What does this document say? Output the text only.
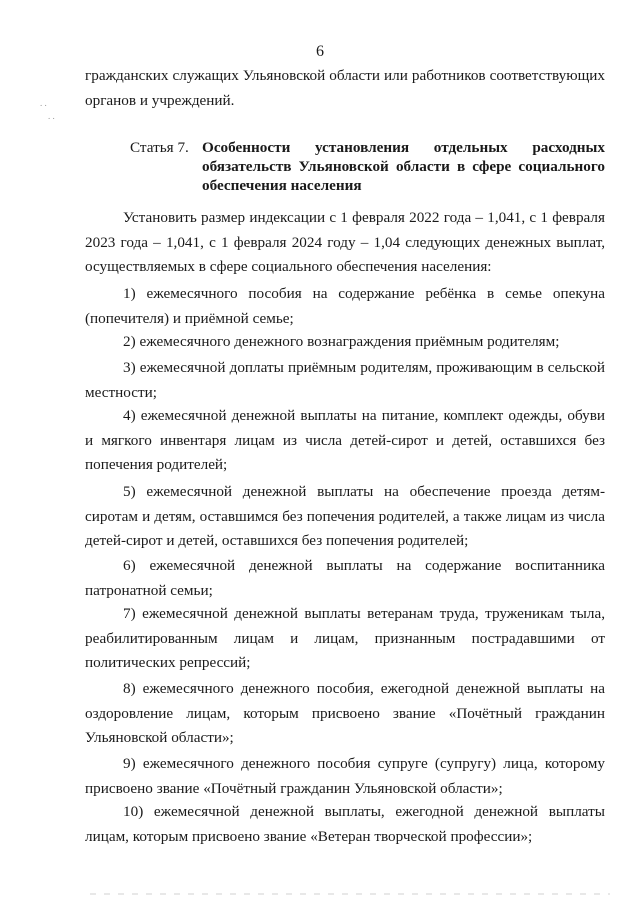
6
. .
. .

гражданских служащих Ульяновской области или работников соответствующих органов и учреждений.

Статья 7. Особенности установления отдельных расходных обязательств Ульяновской области в сфере социального обеспечения населения

Установить размер индексации с 1 февраля 2022 года – 1,041, с 1 февраля 2023 года – 1,041, с 1 февраля 2024 году – 1,04 следующих денежных выплат, осуществляемых в сфере социального обеспечения населения:

1) ежемесячного пособия на содержание ребёнка в семье опекуна (попечителя) и приёмной семье;

2) ежемесячного денежного вознаграждения приёмным родителям;

3) ежемесячной доплаты приёмным родителям, проживающим в сельской местности;

4) ежемесячной денежной выплаты на питание, комплект одежды, обуви и мягкого инвентаря лицам из числа детей-сирот и детей, оставшихся без попечения родителей;

5) ежемесячной денежной выплаты на обеспечение проезда детям-сиротам и детям, оставшимся без попечения родителей, а также лицам из числа детей-сирот и детей, оставшихся без попечения родителей;

6) ежемесячной денежной выплаты на содержание воспитанника патронатной семьи;

7) ежемесячной денежной выплаты ветеранам труда, труженикам тыла, реабилитированным лицам и лицам, признанным пострадавшими от политических репрессий;

8) ежемесячного денежного пособия, ежегодной денежной выплаты на оздоровление лицам, которым присвоено звание «Почётный гражданин Ульяновской области»;

9) ежемесячного денежного пособия супруге (супругу) лица, которому присвоено звание «Почётный гражданин Ульяновской области»;

10) ежемесячной денежной выплаты, ежегодной денежной выплаты лицам, которым присвоено звание «Ветеран творческой профессии»;
